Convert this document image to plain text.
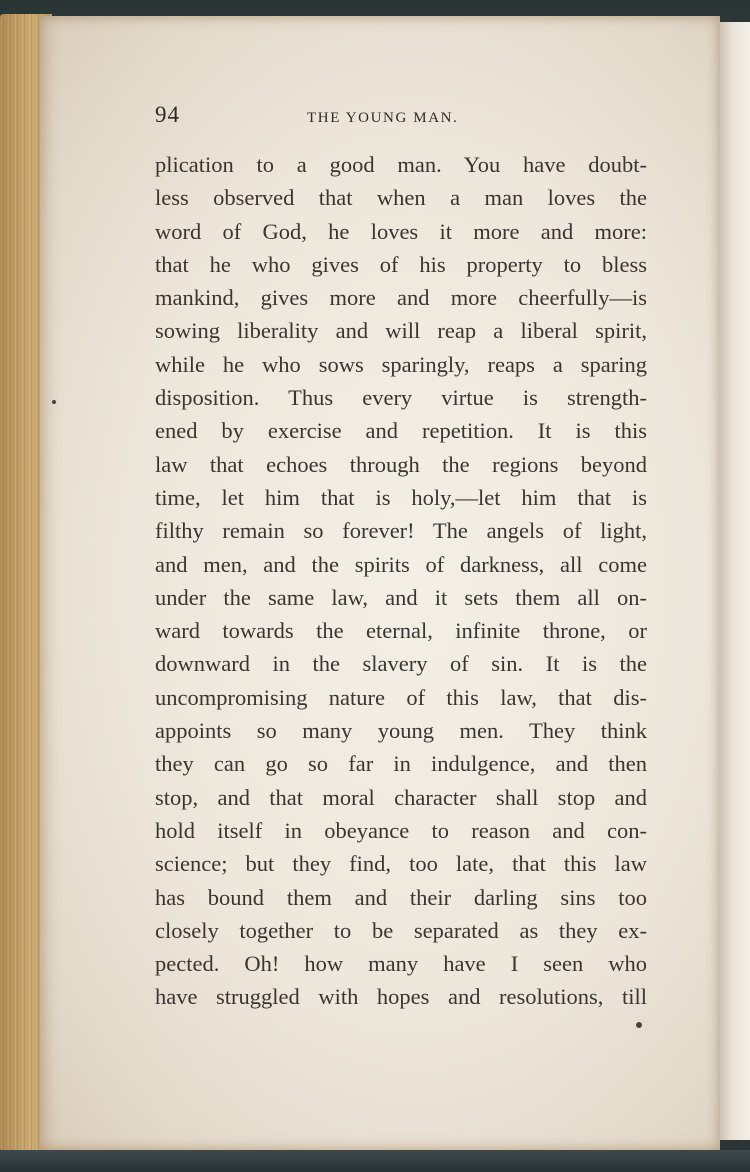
94	THE YOUNG MAN.
plication to a good man. You have doubt-
less observed that when a man loves the
word of God, he loves it more and more:
that he who gives of his property to bless
mankind, gives more and more cheerfully—is
sowing liberality and will reap a liberal spirit,
while he who sows sparingly, reaps a sparing
disposition. Thus every virtue is strength-
ened by exercise and repetition. It is this
law that echoes through the regions beyond
time, let him that is holy,—let him that is
filthy remain so forever! The angels of light,
and men, and the spirits of darkness, all come
under the same law, and it sets them all on-
ward towards the eternal, infinite throne, or
downward in the slavery of sin. It is the
uncompromising nature of this law, that dis-
appoints so many young men. They think
they can go so far in indulgence, and then
stop, and that moral character shall stop and
hold itself in obeyance to reason and con-
science; but they find, too late, that this law
has bound them and their darling sins too
closely together to be separated as they ex-
pected. Oh! how many have I seen who
have struggled with hopes and resolutions, till
